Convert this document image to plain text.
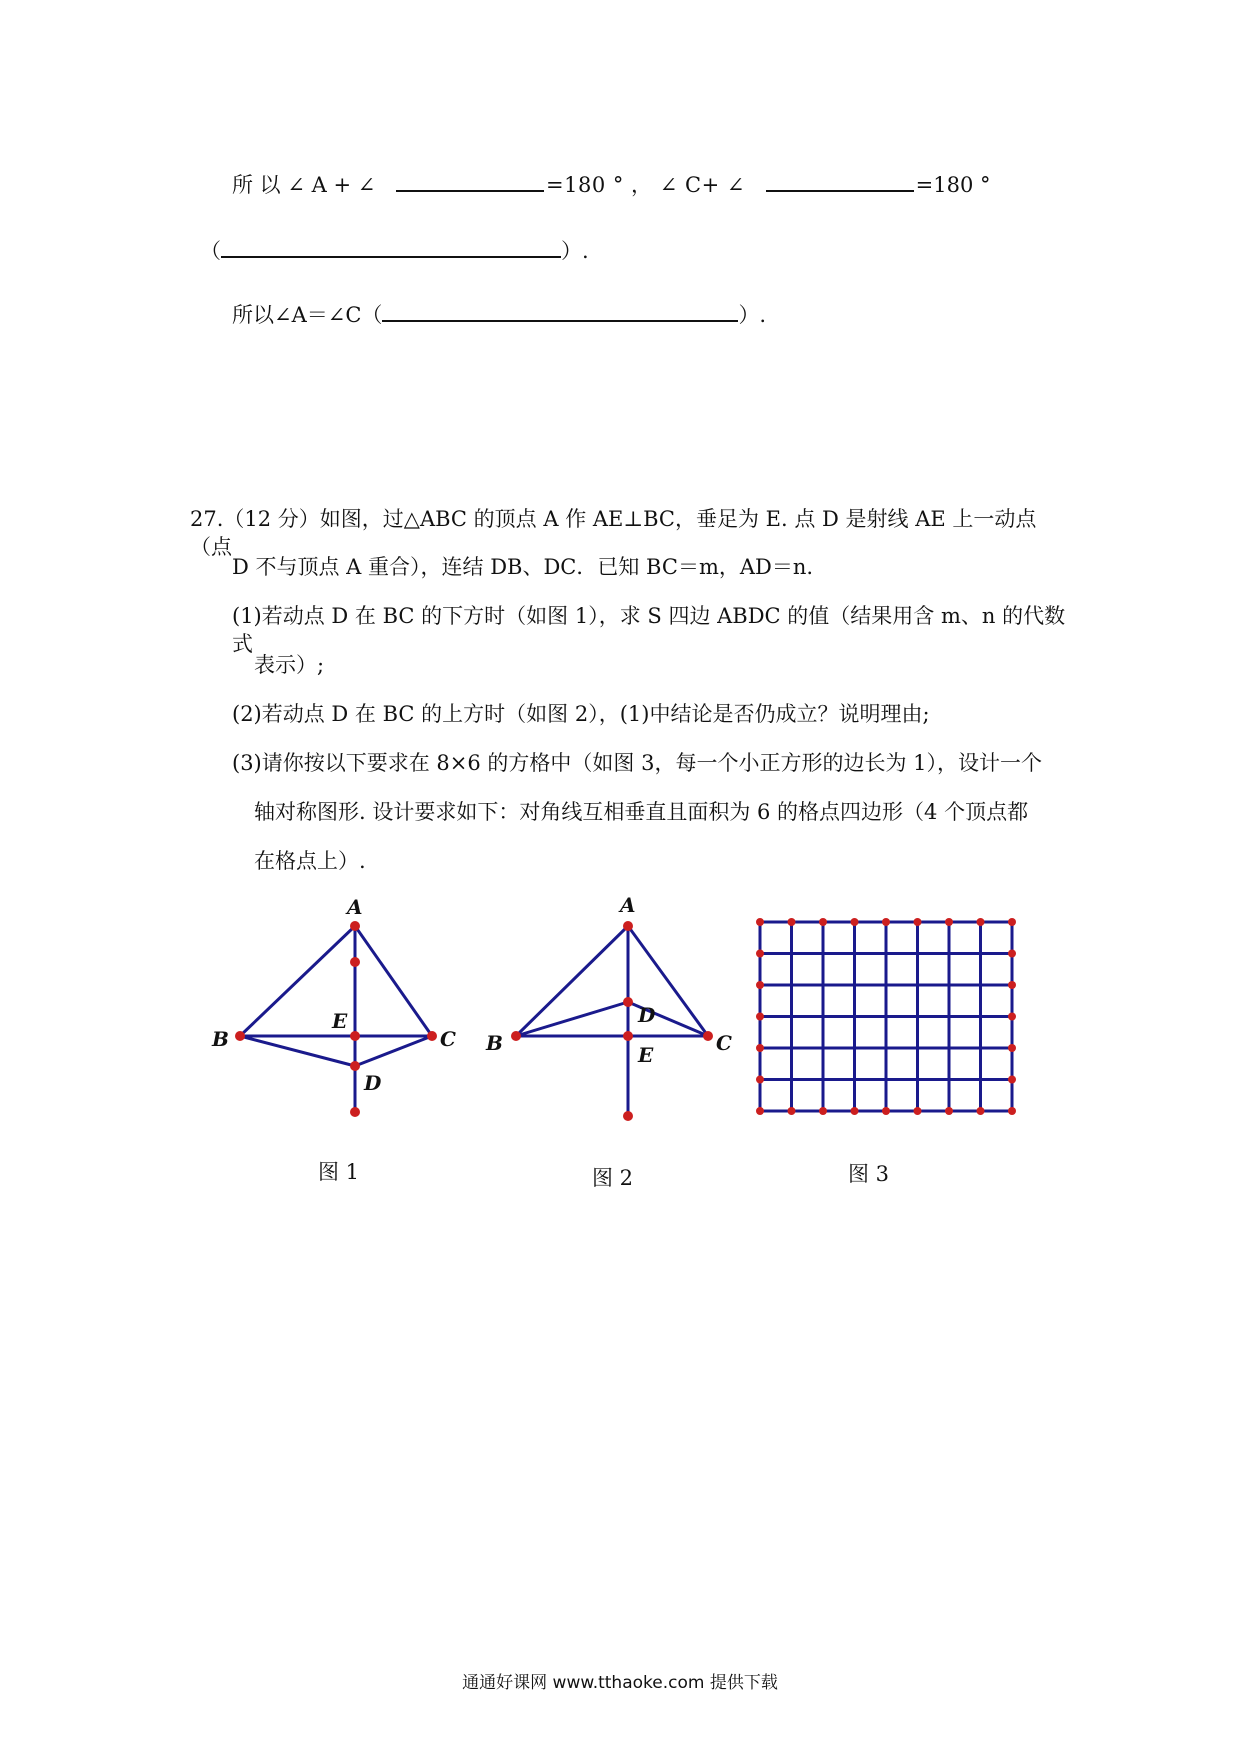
所 以 ∠ A + ∠	=180 ° ， ∠ C+ ∠	=180 °
（	）.
所以∠A＝∠C（	）.
27.（12 分）如图，过△ABC 的顶点 A 作 AE⊥BC，垂足为 E. 点 D 是射线 AE 上一动点（点
D 不与顶点 A 重合），连结 DB、DC．已知 BC＝m，AD＝n.
(1)若动点 D 在 BC 的下方时（如图 1），求 S 四边 ABDC 的值（结果用含 m、n 的代数式
表示）;
(2)若动点 D 在 BC 的上方时（如图 2），(1)中结论是否仍成立？说明理由;
(3)请你按以下要求在 8×6 的方格中（如图 3，每一个小正方形的边长为 1），设计一个
轴对称图形. 设计要求如下：对角线互相垂直且面积为 6 的格点四边形（4 个顶点都
在格点上）.
A
B	C
E
D
图 1
A
B	C
D
E
图 2	图 3
通通好课网 www.tthaoke.com 提供下载
